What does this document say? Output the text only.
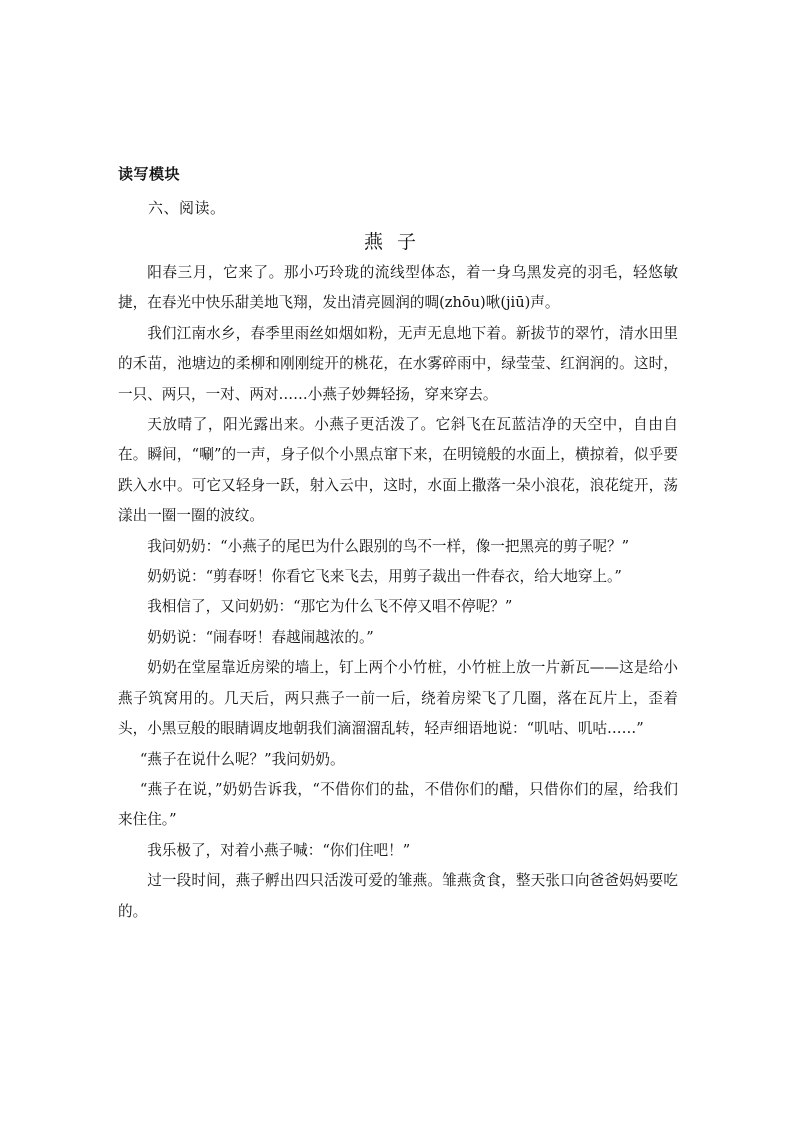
读写模块
六、阅读。
燕子

阳春三月，它来了。那小巧玲珑的流线型体态，着一身乌黑发亮的羽毛，轻悠敏捷，在春光中快乐甜美地飞翔，发出清亮圆润的啁(zhōu)啾(jiū)声。

我们江南水乡，春季里雨丝如烟如粉，无声无息地下着。新拔节的翠竹，清水田里的禾苗，池塘边的柔柳和刚刚绽开的桃花，在水雾碎雨中，绿莹莹、红润润的。这时，一只、两只，一对、两对……小燕子妙舞轻扬，穿来穿去。

天放晴了，阳光露出来。小燕子更活泼了。它斜飞在瓦蓝洁净的天空中，自由自在。瞬间，“唰”的一声，身子似个小黑点窜下来，在明镜般的水面上，横掠着，似乎要跌入水中。可它又轻身一跃，射入云中，这时，水面上撒落一朵小浪花，浪花绽开，荡漾出一圈一圈的波纹。

我问奶奶：“小燕子的尾巴为什么跟别的鸟不一样，像一把黑亮的剪子呢？”

奶奶说：“剪春呀！你看它飞来飞去，用剪子裁出一件春衣，给大地穿上。”

我相信了，又问奶奶：“那它为什么飞不停又唱不停呢？”

奶奶说：“闹春呀！春越闹越浓的。”

奶奶在堂屋靠近房梁的墙上，钉上两个小竹桩，小竹桩上放一片新瓦——这是给小燕子筑窝用的。几天后，两只燕子一前一后，绕着房梁飞了几圈，落在瓦片上，歪着头，小黑豆般的眼睛调皮地朝我们滴溜溜乱转，轻声细语地说：“叽咕、叽咕……”

“燕子在说什么呢？”我问奶奶。

“燕子在说，”奶奶告诉我，“不借你们的盐，不借你们的醋，只借你们的屋，给我们来住住。”

我乐极了，对着小燕子喊：“你们住吧！”

过一段时间，燕子孵出四只活泼可爱的雏燕。雏燕贪食，整天张口向爸爸妈妈要吃的。
